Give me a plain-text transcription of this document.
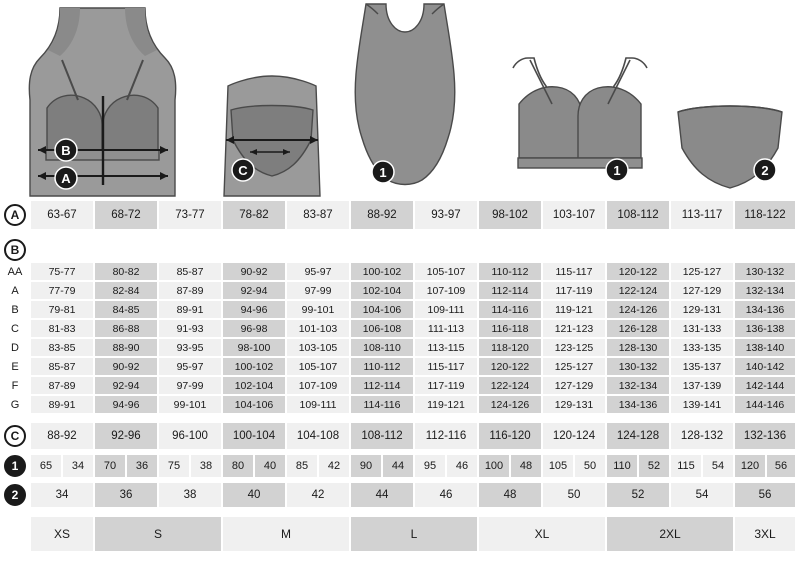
B
A
C	1	1	2
A	63-67	68-72	73-77	78-82	83-87	88-92	93-97	98-102	103-107	108-112	113-117	118-122
B
AA	75-77	80-82	85-87	90-92	95-97	100-102	105-107	110-112	115-117	120-122	125-127	130-132
A	77-79	82-84	87-89	92-94	97-99	102-104	107-109	112-114	117-119	122-124	127-129	132-134
B	79-81	84-85	89-91	94-96	99-101	104-106	109-111	114-116	119-121	124-126	129-131	134-136
C	81-83	86-88	91-93	96-98	101-103	106-108	111-113	116-118	121-123	126-128	131-133	136-138
D	83-85	88-90	93-95	98-100	103-105	108-110	113-115	118-120	123-125	128-130	133-135	138-140
E	85-87	90-92	95-97	100-102	105-107	110-112	115-117	120-122	125-127	130-132	135-137	140-142
F	87-89	92-94	97-99	102-104	107-109	112-114	117-119	122-124	127-129	132-134	137-139	142-144
G	89-91	94-96	99-101	104-106	109-111	114-116	119-121	124-126	129-131	134-136	139-141	144-146
C	88-92	92-96	96-100	100-104	104-108	108-112	112-116	116-120	120-124	124-128	128-132	132-136
1	65	34	70	36	75	38	80	40	85	42	90	44	95	46	100	48	105	50	110	52	115	54	120	56
2	34	36	38	40	42	44	46	48	50	52	54	56
XS	S	M	L	XL	2XL	3XL
